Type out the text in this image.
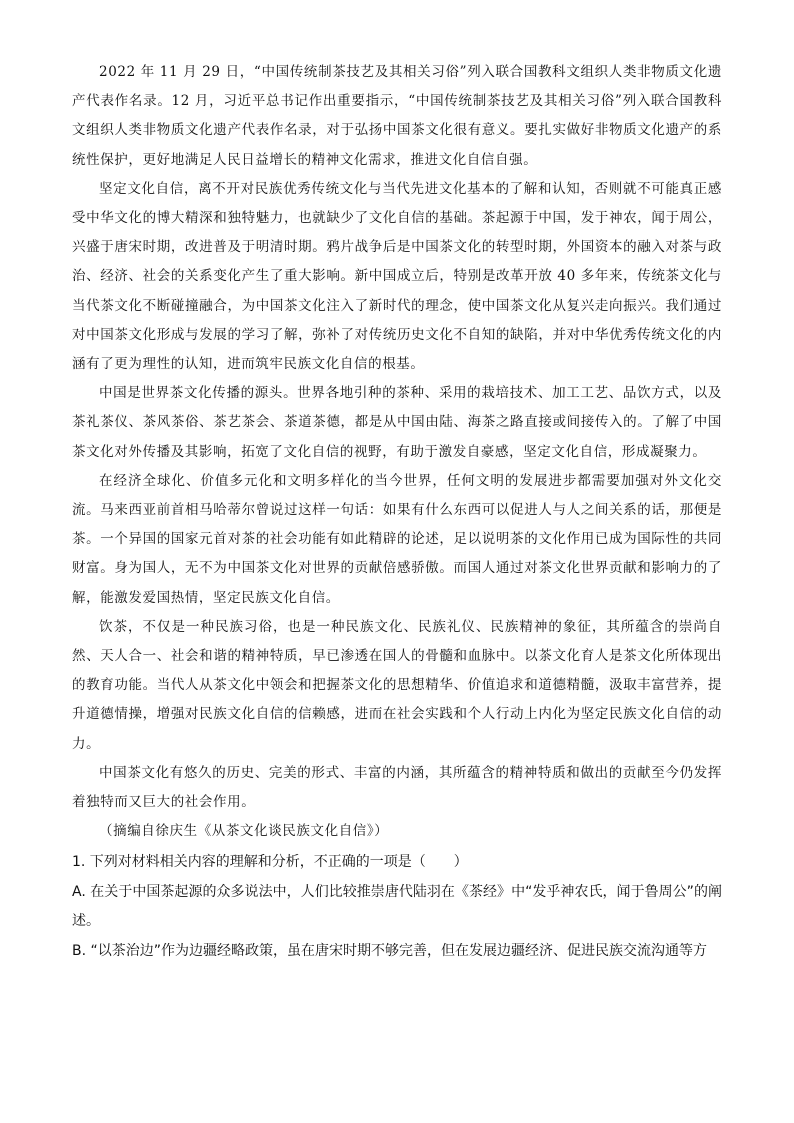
2022 年 11 月 29 日，“中国传统制茶技艺及其相关习俗”列入联合国教科文组织人类非物质文化遗产代表作名录。12 月，习近平总书记作出重要指示，“中国传统制茶技艺及其相关习俗”列入联合国教科文组织人类非物质文化遗产代表作名录，对于弘扬中国茶文化很有意义。要扎实做好非物质文化遗产的系统性保护，更好地满足人民日益增长的精神文化需求，推进文化自信自强。

坚定文化自信，离不开对民族优秀传统文化与当代先进文化基本的了解和认知，否则就不可能真正感受中华文化的博大精深和独特魅力，也就缺少了文化自信的基础。茶起源于中国，发于神农，闻于周公，兴盛于唐宋时期，改进普及于明清时期。鸦片战争后是中国茶文化的转型时期，外国资本的融入对茶与政治、经济、社会的关系变化产生了重大影响。新中国成立后，特别是改革开放 40 多年来，传统茶文化与当代茶文化不断碰撞融合，为中国茶文化注入了新时代的理念，使中国茶文化从复兴走向振兴。我们通过对中国茶文化形成与发展的学习了解，弥补了对传统历史文化不自知的缺陷，并对中华优秀传统文化的内涵有了更为理性的认知，进而筑牢民族文化自信的根基。

中国是世界茶文化传播的源头。世界各地引种的茶种、采用的栽培技术、加工工艺、品饮方式，以及茶礼茶仪、茶风茶俗、茶艺茶会、茶道茶德，都是从中国由陆、海茶之路直接或间接传入的。了解了中国茶文化对外传播及其影响，拓宽了文化自信的视野，有助于激发自豪感，坚定文化自信，形成凝聚力。

在经济全球化、价值多元化和文明多样化的当今世界，任何文明的发展进步都需要加强对外文化交流。马来西亚前首相马哈蒂尔曾说过这样一句话：如果有什么东西可以促进人与人之间关系的话，那便是茶。一个异国的国家元首对茶的社会功能有如此精辟的论述，足以说明茶的文化作用已成为国际性的共同财富。身为国人，无不为中国茶文化对世界的贡献倍感骄傲。而国人通过对茶文化世界贡献和影响力的了解，能激发爱国热情，坚定民族文化自信。

饮茶，不仅是一种民族习俗，也是一种民族文化、民族礼仪、民族精神的象征，其所蕴含的崇尚自然、天人合一、社会和谐的精神特质，早已渗透在国人的骨髓和血脉中。以茶文化育人是茶文化所体现出的教育功能。当代人从茶文化中领会和把握茶文化的思想精华、价值追求和道德精髓，汲取丰富营养，提升道德情操，增强对民族文化自信的信赖感，进而在社会实践和个人行动上内化为坚定民族文化自信的动力。

中国茶文化有悠久的历史、完美的形式、丰富的内涵，其所蕴含的精神特质和做出的贡献至今仍发挥着独特而又巨大的社会作用。

（摘编自徐庆生《从茶文化谈民族文化自信》）

1. 下列对材料相关内容的理解和分析，不正确的一项是（　　）

A. 在关于中国茶起源的众多说法中，人们比较推崇唐代陆羽在《茶经》中“发乎神农氏，闻于鲁周公”的阐述。

B. “以茶治边”作为边疆经略政策，虽在唐宋时期不够完善，但在发展边疆经济、促进民族交流沟通等方
